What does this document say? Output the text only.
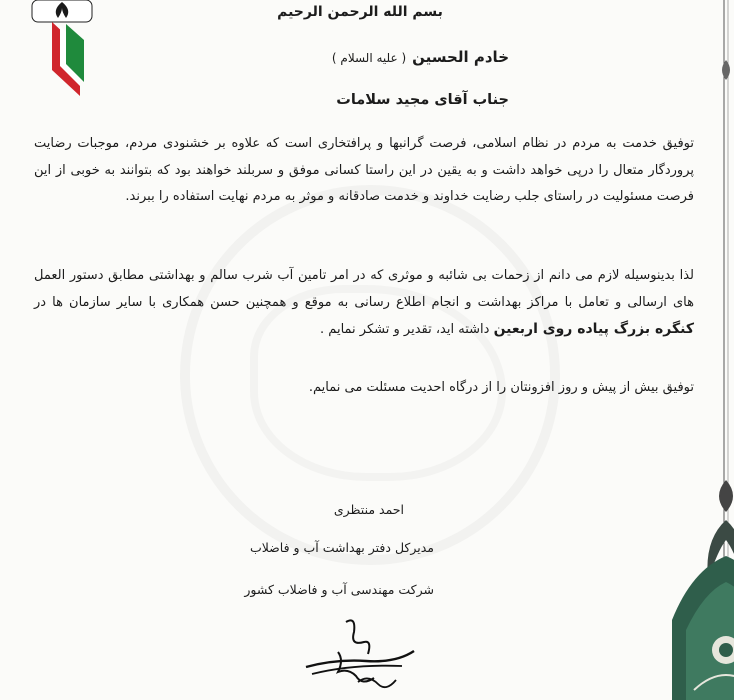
بسم الله الرحمن الرحیم
خادم الحسین( علیه السلام )
جناب آقای مجید سلامات
توفیق خدمت به مردم در نظام اسلامی، فرصت گرانبها و پرافتخاری است که علاوه بر خشنودی مردم، موجبات رضایت پروردگار متعال را درپی خواهد داشت و به یقین در این راستا کسانی موفق و سربلند خواهند بود که بتوانند به خوبی از این فرصت مسئولیت در راستای جلب رضایت خداوند و خدمت صادقانه و موثر به مردم نهایت استفاده را ببرند.
لذا بدینوسیله لازم می دانم از زحمات بی شائبه و موثری که در امر تامین آب شرب سالم و بهداشتی مطابق دستور العمل های ارسالی و تعامل با مراکز بهداشت و انجام اطلاع رسانی به موقع و همچنین حسن همکاری با سایر سازمان ها در کنگره بزرگ پیاده روی اربعین داشته اید، تقدیر و تشکر نمایم .
توفیق بیش از پیش و روز افزونتان را از درگاه احدیت مسئلت می نمایم.
احمد منتظری
مدیرکل دفتر بهداشت آب و فاضلاب
شرکت مهندسی آب و فاضلاب کشور
